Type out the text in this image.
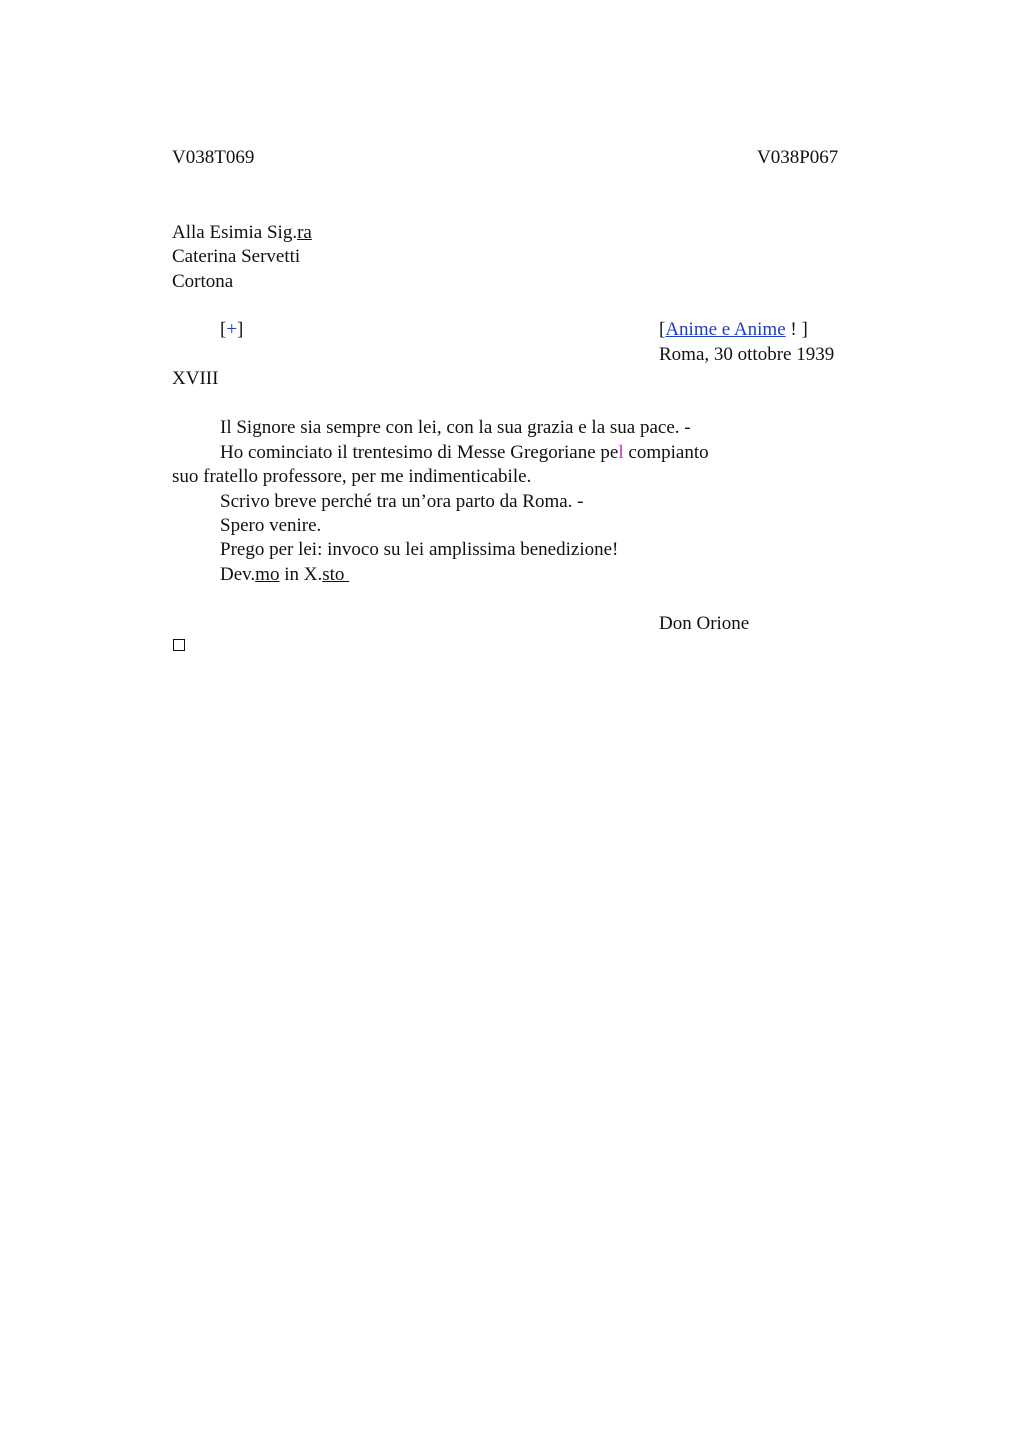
V038T069	V038P067
Alla Esimia Sig.ra
Caterina Servetti
Cortona
[+]	[Anime e Anime ! ]
Roma, 30 ottobre 1939
XVIII
Il Signore sia sempre con lei, con la sua grazia e la sua pace. -
Ho cominciato il trentesimo di Messe Gregoriane pel compianto
suo fratello professore, per me indimenticabile.
Scrivo breve perché tra un’ora parto da Roma. -
Spero venire.
Prego per lei: invoco su lei amplissima benedizione!
Dev.mo in X.sto
Don Orione
